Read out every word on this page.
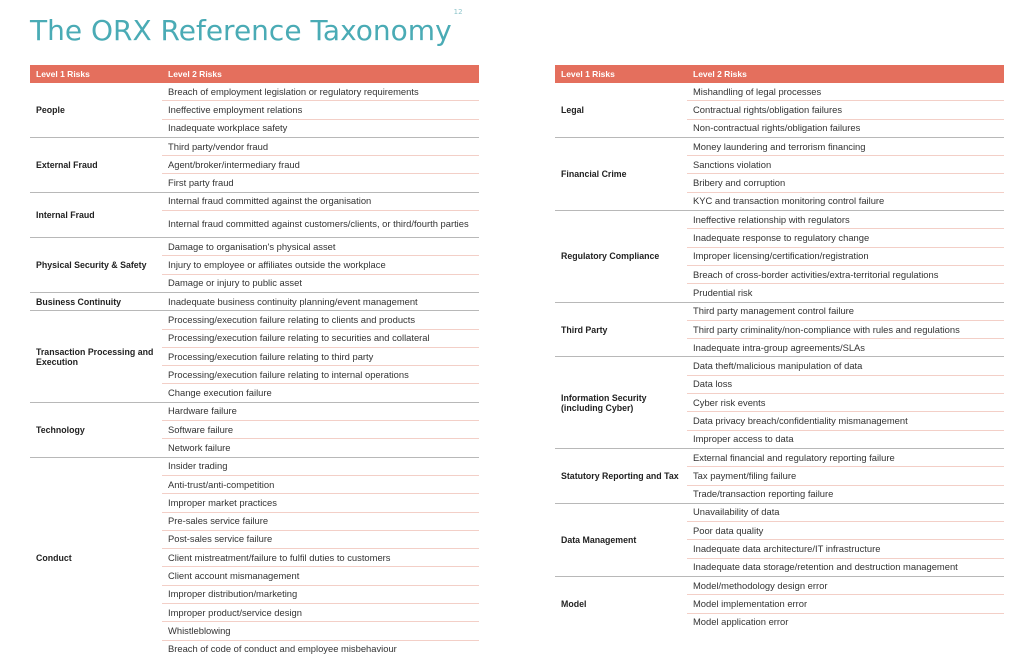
The ORX Reference Taxonomy$^{12}$
Level 1 Risks	Level 2 Risks
People	Breach of employment legislation or regulatory requirements
	Ineffective employment relations
	Inadequate workplace safety
External Fraud	Third party/vendor fraud
	Agent/broker/intermediary fraud
	First party fraud
Internal Fraud	Internal fraud committed against the organisation
	Internal fraud committed against customers/clients, or third/fourth parties
Physical Security & Safety	Damage to organisation's physical asset
	Injury to employee or affiliates outside the workplace
	Damage or injury to public asset
Business Continuity	Inadequate business continuity planning/event management
Transaction Processing and Execution	Processing/execution failure relating to clients and products
	Processing/execution failure relating to securities and collateral
	Processing/execution failure relating to third party
	Processing/execution failure relating to internal operations
	Change execution failure
Technology	Hardware failure
	Software failure
	Network failure
Conduct	Insider trading
	Anti-trust/anti-competition
	Improper market practices
	Pre-sales service failure
	Post-sales service failure
	Client mistreatment/failure to fulfil duties to customers
	Client account mismanagement
	Improper distribution/marketing
	Improper product/service design
	Whistleblowing
	Breach of code of conduct and employee misbehaviour
Level 1 Risks	Level 2 Risks
Legal	Mishandling of legal processes
	Contractual rights/obligation failures
	Non-contractual rights/obligation failures
Financial Crime	Money laundering and terrorism financing
	Sanctions violation
	Bribery and corruption
	KYC and transaction monitoring control failure
Regulatory Compliance	Ineffective relationship with regulators
	Inadequate response to regulatory change
	Improper licensing/certification/registration
	Breach of cross-border activities/extra-territorial regulations
	Prudential risk
Third Party	Third party management control failure
	Third party criminality/non-compliance with rules and regulations
	Inadequate intra-group agreements/SLAs
Information Security (including Cyber)	Data theft/malicious manipulation of data
	Data loss
	Cyber risk events
	Data privacy breach/confidentiality mismanagement
	Improper access to data
Statutory Reporting and Tax	External financial and regulatory reporting failure
	Tax payment/filing failure
	Trade/transaction reporting failure
Data Management	Unavailability of data
	Poor data quality
	Inadequate data architecture/IT infrastructure
	Inadequate data storage/retention and destruction management
Model	Model/methodology design error
	Model implementation error
	Model application error
